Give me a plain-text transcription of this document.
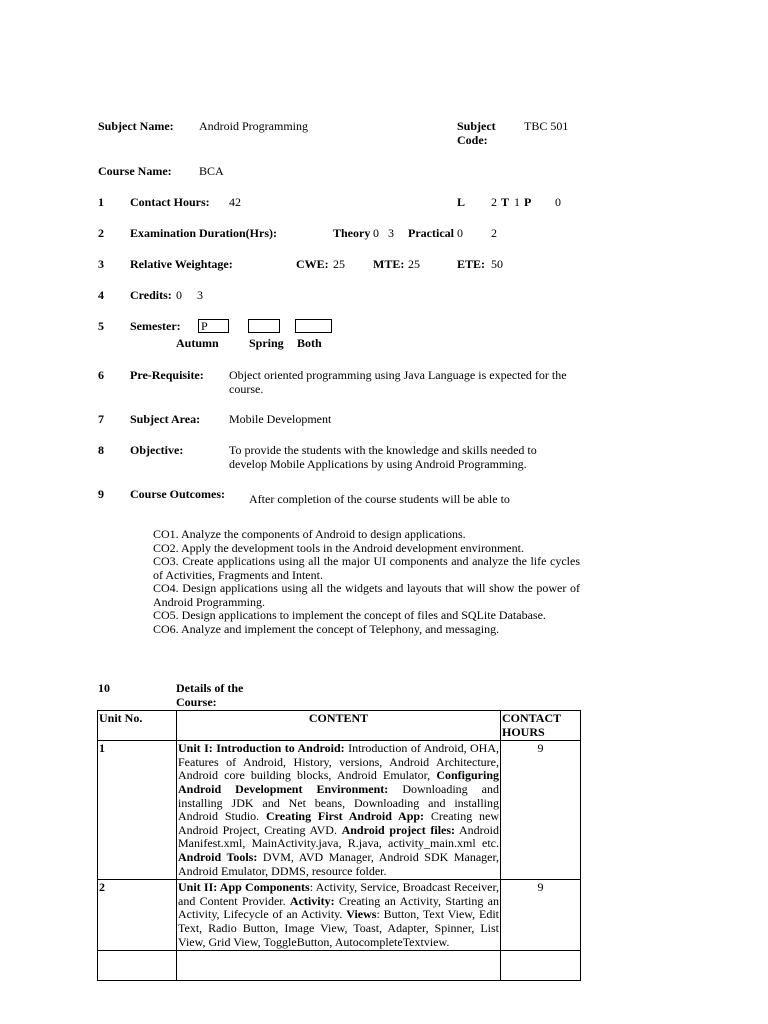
Subject Name: Android Programming	Subject
Code:
TBC 501
Course Name: BCA
1 Contact Hours: 42	L 2 T 1 P 0
2 Examination Duration(Hrs):	Theory 0   3 Practical 0 2
3 Relative Weightage:	CWE: 25 MTE: 25	ETE: 50
4 Credits: 0     3
5 Semester: P
Autumn	Spring Both
6 Pre-Requisite: Object oriented programming using Java Language is expected for the course.
7 Subject Area: Mobile Development
8 Objective:	To provide the students with the knowledge and skills needed to develop Mobile Applications by using Android Programming.
9 Course Outcomes: After completion of the course students will be able to
CO1. Analyze the components of Android to design applications.
CO2. Apply the development tools in the Android development environment.
CO3. Create applications using all the major UI components and analyze the life cycles of Activities, Fragments and Intent.
CO4. Design applications using all the widgets and layouts that will show the power of Android Programming.
CO5. Design applications to implement the concept of files and SQLite Database.
CO6. Analyze and implement the concept of Telephony, and messaging.
10	Details of the
Course:
Unit No.	CONTENT	CONTACT HOURS
1	Unit I: Introduction to Android: Introduction of Android, OHA, Features of Android, History, versions, Android Architecture, Android core building blocks, Android Emulator, Configuring Android Development Environment: Downloading and installing JDK and Net beans, Downloading and installing Android Studio. Creating First Android App: Creating new Android Project, Creating AVD. Android project files: Android Manifest.xml, MainActivity.java, R.java, activity_main.xml etc. Android Tools: DVM, AVD Manager, Android SDK Manager, Android Emulator, DDMS, resource folder.	9
2	Unit II: App Components: Activity, Service, Broadcast Receiver, and Content Provider. Activity: Creating an Activity, Starting an Activity, Lifecycle of an Activity. Views: Button, Text View, Edit Text, Radio Button, Image View, Toast, Adapter, Spinner, List View, Grid View, ToggleButton, AutocompleteTextview.	9
